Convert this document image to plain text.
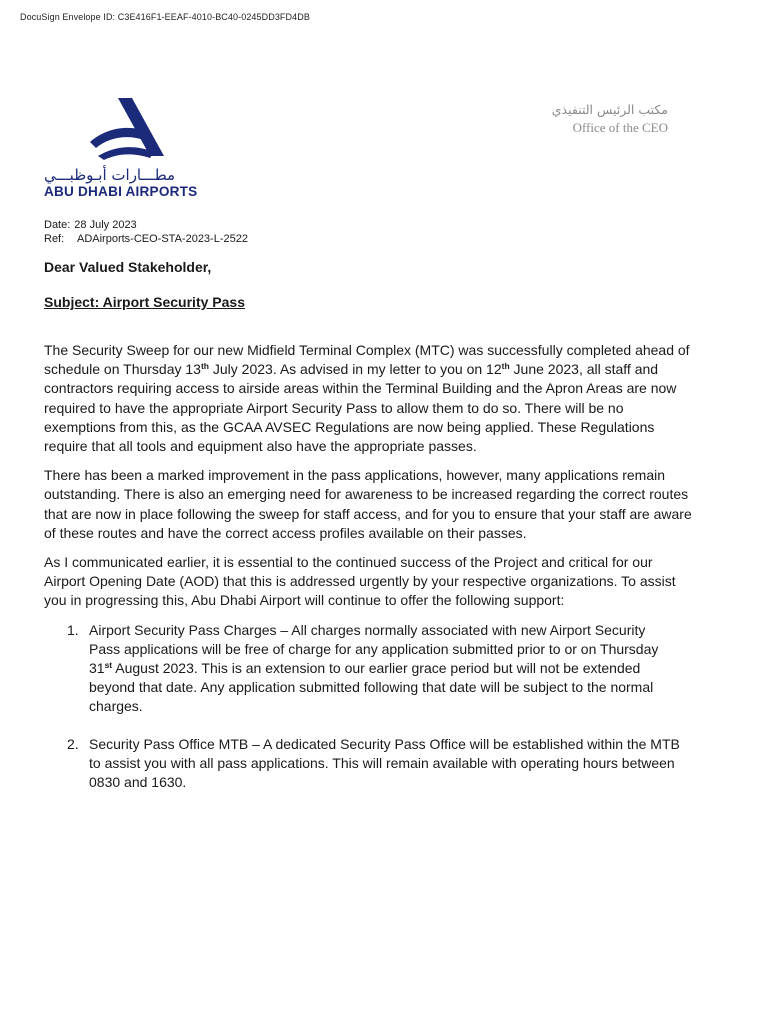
DocuSign Envelope ID: C3E416F1-EEAF-4010-BC40-0245DD3FD4DB
مطـــارات أبـوظبـــي
ABU DHABI AIRPORTS
مكتب الرئيس التنفيذي
Office of the CEO
Date: 28 July 2023
Ref:	ADAirports-CEO-STA-2023-L-2522
Dear Valued Stakeholder,
Subject: Airport Security Pass

The Security Sweep for our new Midfield Terminal Complex (MTC) was successfully completed ahead of schedule on Thursday 13th July 2023. As advised in my letter to you on 12th June 2023, all staff and contractors requiring access to airside areas within the Terminal Building and the Apron Areas are now required to have the appropriate Airport Security Pass to allow them to do so. There will be no exemptions from this, as the GCAA AVSEC Regulations are now being applied. These Regulations require that all tools and equipment also have the appropriate passes.

There has been a marked improvement in the pass applications, however, many applications remain outstanding. There is also an emerging need for awareness to be increased regarding the correct routes that are now in place following the sweep for staff access, and for you to ensure that your staff are aware of these routes and have the correct access profiles available on their passes.

As I communicated earlier, it is essential to the continued success of the Project and critical for our Airport Opening Date (AOD) that this is addressed urgently by your respective organizations. To assist you in progressing this, Abu Dhabi Airport will continue to offer the following support:

1. Airport Security Pass Charges – All charges normally associated with new Airport Security Pass applications will be free of charge for any application submitted prior to or on Thursday 31st August 2023. This is an extension to our earlier grace period but will not be extended beyond that date. Any application submitted following that date will be subject to the normal charges.
2. Security Pass Office MTB – A dedicated Security Pass Office will be established within the MTB to assist you with all pass applications. This will remain available with operating hours between 0830 and 1630.
